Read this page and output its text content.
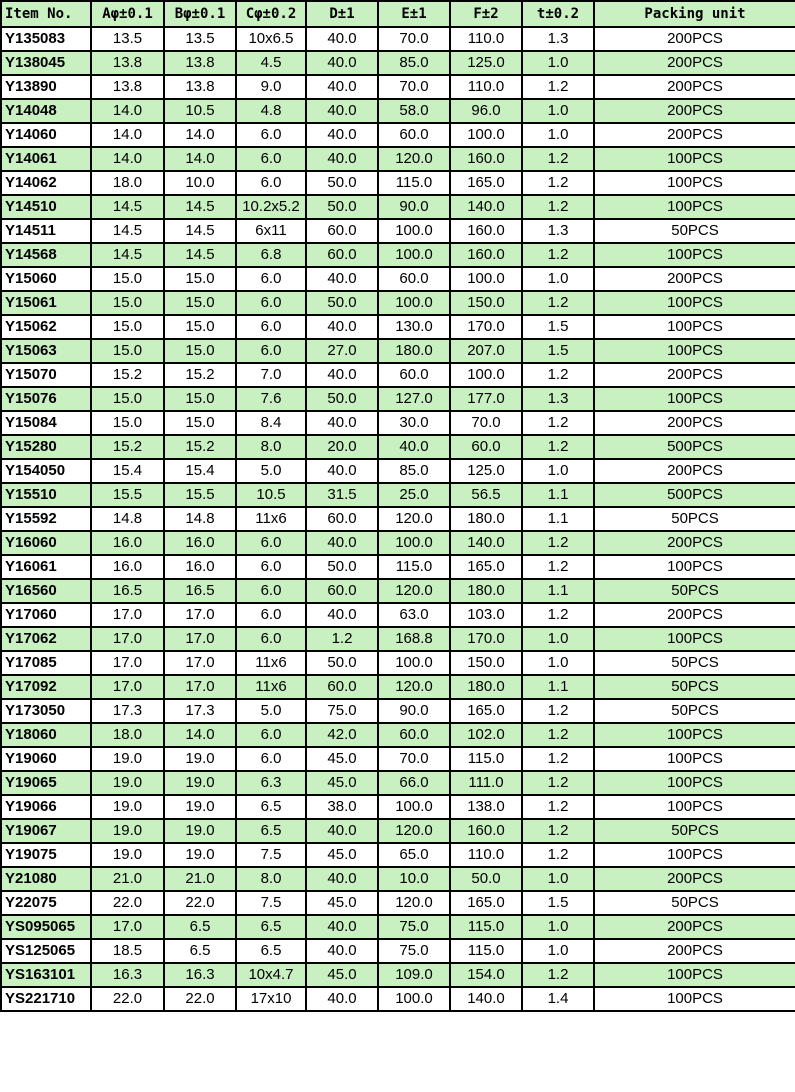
Item No.	Aφ±0.1	Bφ±0.1	Cφ±0.2	D±1	E±1	F±2	t±0.2	Packing unit
Y135083	13.5	13.5	10x6.5	40.0	70.0	110.0	1.3	200PCS
Y138045	13.8	13.8	4.5	40.0	85.0	125.0	1.0	200PCS
Y13890	13.8	13.8	9.0	40.0	70.0	110.0	1.2	200PCS
Y14048	14.0	10.5	4.8	40.0	58.0	96.0	1.0	200PCS
Y14060	14.0	14.0	6.0	40.0	60.0	100.0	1.0	200PCS
Y14061	14.0	14.0	6.0	40.0	120.0	160.0	1.2	100PCS
Y14062	18.0	10.0	6.0	50.0	115.0	165.0	1.2	100PCS
Y14510	14.5	14.5	10.2x5.2	50.0	90.0	140.0	1.2	100PCS
Y14511	14.5	14.5	6x11	60.0	100.0	160.0	1.3	50PCS
Y14568	14.5	14.5	6.8	60.0	100.0	160.0	1.2	100PCS
Y15060	15.0	15.0	6.0	40.0	60.0	100.0	1.0	200PCS
Y15061	15.0	15.0	6.0	50.0	100.0	150.0	1.2	100PCS
Y15062	15.0	15.0	6.0	40.0	130.0	170.0	1.5	100PCS
Y15063	15.0	15.0	6.0	27.0	180.0	207.0	1.5	100PCS
Y15070	15.2	15.2	7.0	40.0	60.0	100.0	1.2	200PCS
Y15076	15.0	15.0	7.6	50.0	127.0	177.0	1.3	100PCS
Y15084	15.0	15.0	8.4	40.0	30.0	70.0	1.2	200PCS
Y15280	15.2	15.2	8.0	20.0	40.0	60.0	1.2	500PCS
Y154050	15.4	15.4	5.0	40.0	85.0	125.0	1.0	200PCS
Y15510	15.5	15.5	10.5	31.5	25.0	56.5	1.1	500PCS
Y15592	14.8	14.8	11x6	60.0	120.0	180.0	1.1	50PCS
Y16060	16.0	16.0	6.0	40.0	100.0	140.0	1.2	200PCS
Y16061	16.0	16.0	6.0	50.0	115.0	165.0	1.2	100PCS
Y16560	16.5	16.5	6.0	60.0	120.0	180.0	1.1	50PCS
Y17060	17.0	17.0	6.0	40.0	63.0	103.0	1.2	200PCS
Y17062	17.0	17.0	6.0	1.2	168.8	170.0	1.0	100PCS
Y17085	17.0	17.0	11x6	50.0	100.0	150.0	1.0	50PCS
Y17092	17.0	17.0	11x6	60.0	120.0	180.0	1.1	50PCS
Y173050	17.3	17.3	5.0	75.0	90.0	165.0	1.2	50PCS
Y18060	18.0	14.0	6.0	42.0	60.0	102.0	1.2	100PCS
Y19060	19.0	19.0	6.0	45.0	70.0	115.0	1.2	100PCS
Y19065	19.0	19.0	6.3	45.0	66.0	111.0	1.2	100PCS
Y19066	19.0	19.0	6.5	38.0	100.0	138.0	1.2	100PCS
Y19067	19.0	19.0	6.5	40.0	120.0	160.0	1.2	50PCS
Y19075	19.0	19.0	7.5	45.0	65.0	110.0	1.2	100PCS
Y21080	21.0	21.0	8.0	40.0	10.0	50.0	1.0	200PCS
Y22075	22.0	22.0	7.5	45.0	120.0	165.0	1.5	50PCS
YS095065	17.0	6.5	6.5	40.0	75.0	115.0	1.0	200PCS
YS125065	18.5	6.5	6.5	40.0	75.0	115.0	1.0	200PCS
YS163101	16.3	16.3	10x4.7	45.0	109.0	154.0	1.2	100PCS
YS221710	22.0	22.0	17x10	40.0	100.0	140.0	1.4	100PCS
